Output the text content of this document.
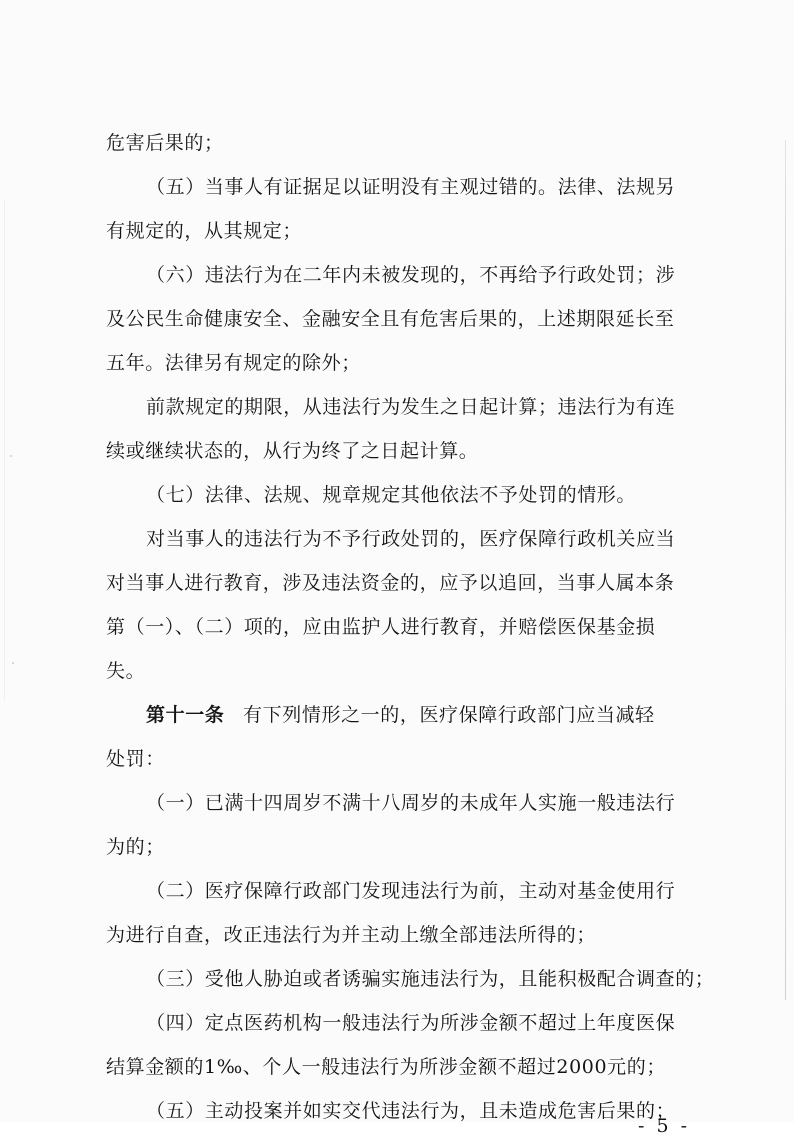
危害后果的；
（五）当事人有证据足以证明没有主观过错的。法律、法规另
有规定的，从其规定；
（六）违法行为在二年内未被发现的，不再给予行政处罚；涉
及公民生命健康安全、金融安全且有危害后果的，上述期限延长至
五年。法律另有规定的除外；
前款规定的期限，从违法行为发生之日起计算；违法行为有连
续或继续状态的，从行为终了之日起计算。
（七）法律、法规、规章规定其他依法不予处罚的情形。
对当事人的违法行为不予行政处罚的，医疗保障行政机关应当
对当事人进行教育，涉及违法资金的，应予以追回，当事人属本条
第（一）、（二）项的，应由监护人进行教育，并赔偿医保基金损
失。
第十一条 有下列情形之一的，医疗保障行政部门应当减轻
处罚：
（一）已满十四周岁不满十八周岁的未成年人实施一般违法行
为的；
（二）医疗保障行政部门发现违法行为前，主动对基金使用行
为进行自查，改正违法行为并主动上缴全部违法所得的；
（三）受他人胁迫或者诱骗实施违法行为，且能积极配合调查的；
（四）定点医药机构一般违法行为所涉金额不超过上年度医保
结算金额的1‰、个人一般违法行为所涉金额不超过2000元的；
（五）主动投案并如实交代违法行为，且未造成危害后果的；
- 5 -
